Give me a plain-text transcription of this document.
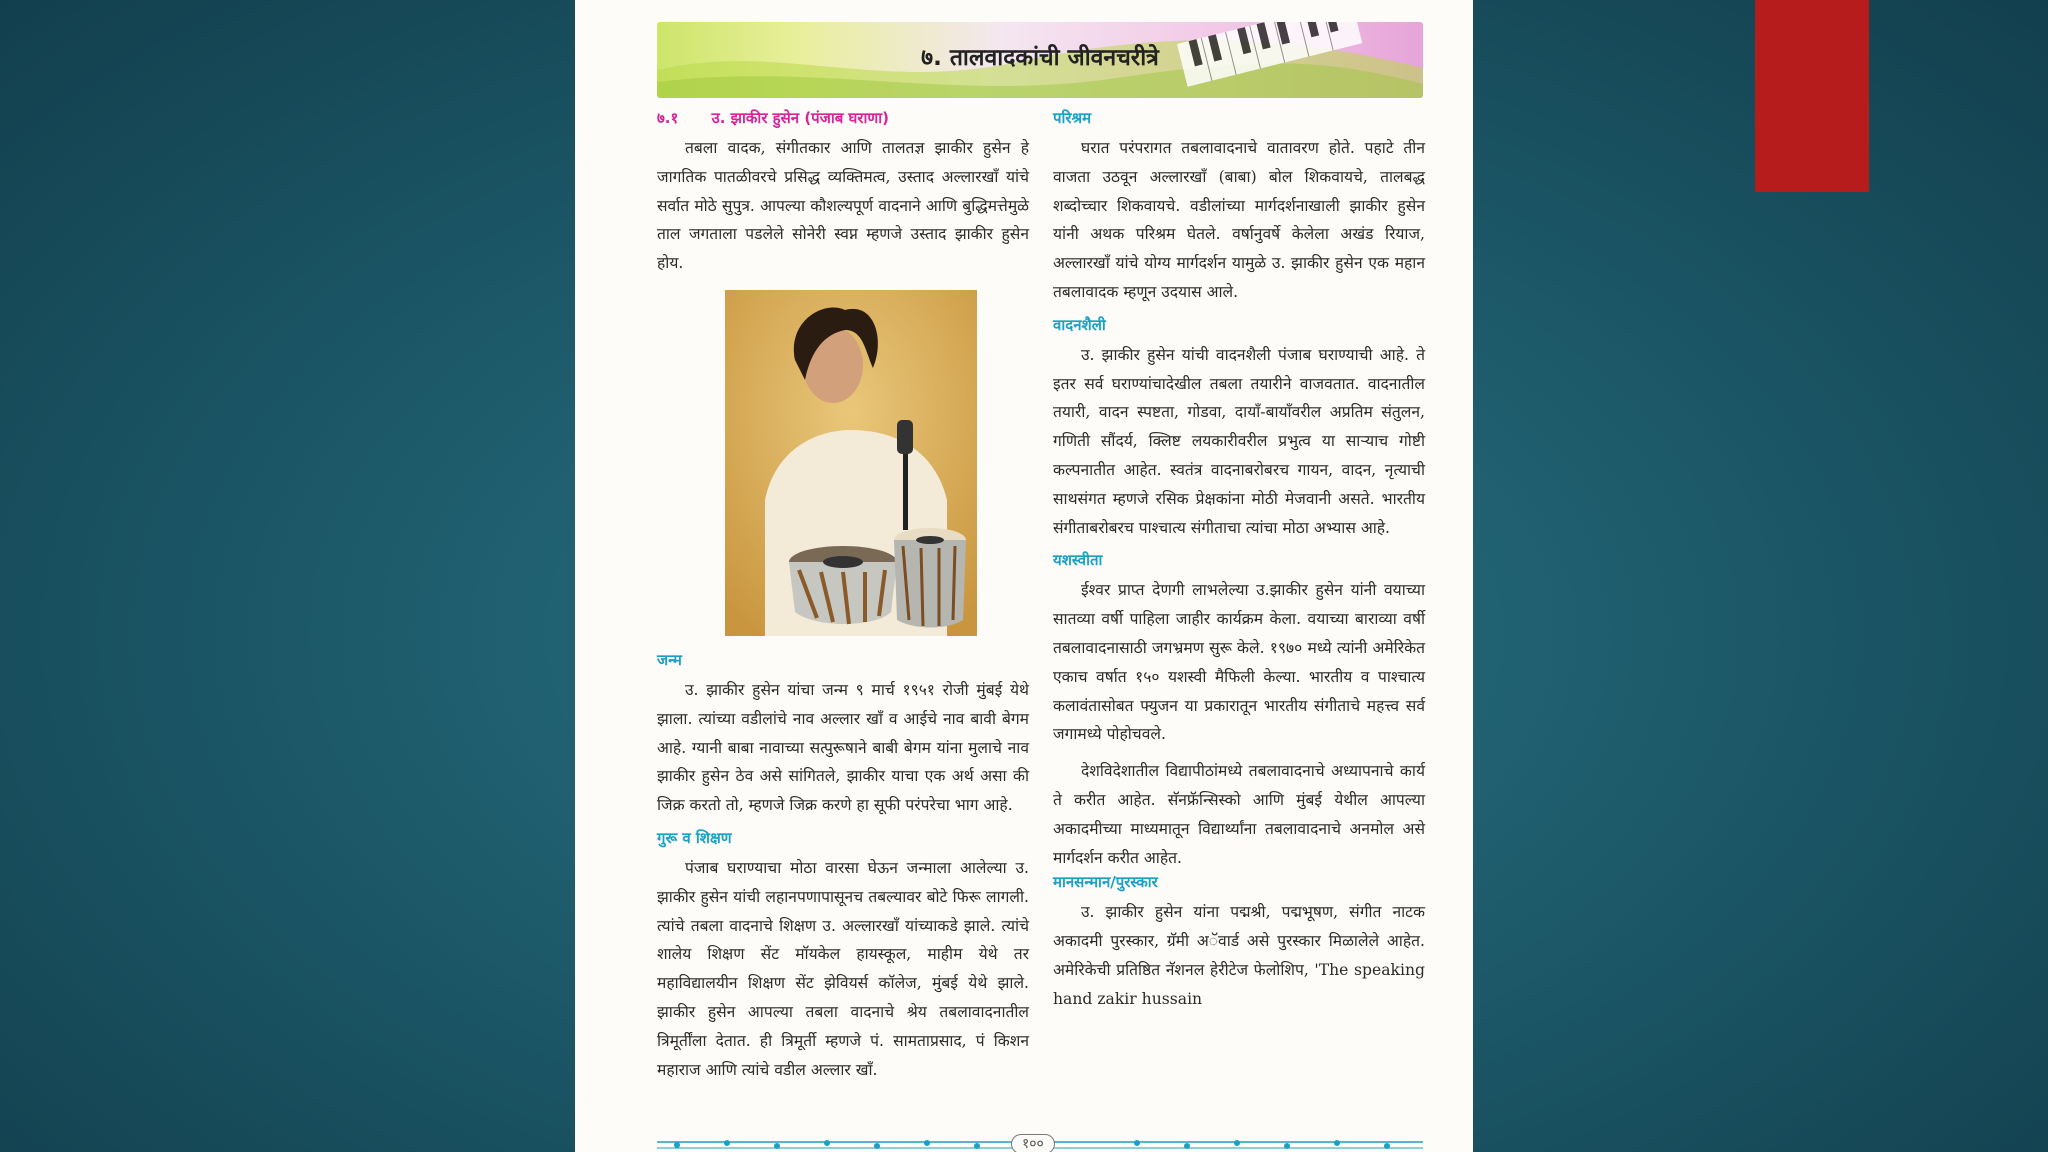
७. तालवादकांची जीवनचरीत्रे
७.१ उ. झाकीर हुसेन (पंजाब घराणा)

तबला वादक, संगीतकार आणि तालतज्ञ झाकीर हुसेन हे जागतिक पातळीवरचे प्रसिद्ध व्यक्तिमत्व, उस्ताद अल्लारखाँ यांचे सर्वात मोठे सुपुत्र. आपल्या कौशल्यपूर्ण वादनाने आणि बुद्धिमत्तेमुळे ताल जगताला पडलेले सोनेरी स्वप्न म्हणजे उस्ताद झाकीर हुसेन होय.

जन्म

उ. झाकीर हुसेन यांचा जन्म ९ मार्च १९५१ रोजी मुंबई येथे झाला. त्यांच्या वडीलांचे नाव अल्लार खाँ व आईचे नाव बावी बेगम आहे. ग्यानी बाबा नावाच्या सत्पुरूषाने बाबी बेगम यांना मुलाचे नाव झाकीर हुसेन ठेव असे सांगितले, झाकीर याचा एक अर्थ असा की जिक्र करतो तो, म्हणजे जिक्र करणे हा सूफी परंपरेचा भाग आहे.

गुरू व शिक्षण

पंजाब घराण्याचा मोठा वारसा घेऊन जन्माला आलेल्या उ. झाकीर हुसेन यांची लहानपणापासूनच तबल्यावर बोटे फिरू लागली. त्यांचे तबला वादनाचे शिक्षण उ. अल्लारखाँ यांच्याकडे झाले. त्यांचे शालेय शिक्षण सेंट मॉयकेल हायस्कूल, माहीम येथे तर महाविद्यालयीन शिक्षण सेंट झेवियर्स कॉलेज, मुंबई येथे झाले. झाकीर हुसेन आपल्या तबला वादनाचे श्रेय तबलावादनातील त्रिमूर्तींला देतात. ही त्रिमूर्ती म्हणजे पं. सामताप्रसाद, पं किशन महाराज आणि त्यांचे वडील अल्लार खाँ.

परिश्रम

घरात परंपरागत तबलावादनाचे वातावरण होते. पहाटे तीन वाजता उठवून अल्लारखाँ (बाबा) बोल शिकवायचे, तालबद्ध शब्दोच्चार शिकवायचे. वडीलांच्या मार्गदर्शनाखाली झाकीर हुसेन यांनी अथक परिश्रम घेतले. वर्षानुवर्षे केलेला अखंड रियाज, अल्लारखाँ यांचे योग्य मार्गदर्शन यामुळे उ. झाकीर हुसेन एक महान तबलावादक म्हणून उदयास आले.

वादनशैली

उ. झाकीर हुसेन यांची वादनशैली पंजाब घराण्याची आहे. ते इतर सर्व घराण्यांचादेखील तबला तयारीने वाजवतात. वादनातील तयारी, वादन स्पष्टता, गोडवा, दायाँ-बायाँवरील अप्रतिम संतुलन, गणिती सौंदर्य, क्लिष्ट लयकारीवरील प्रभुत्व या साऱ्याच गोष्टी कल्पनातीत आहेत. स्वतंत्र वादनाबरोबरच गायन, वादन, नृत्याची साथसंगत म्हणजे रसिक प्रेक्षकांना मोठी मेजवानी असते. भारतीय संगीताबरोबरच पाश्चात्य संगीताचा त्यांचा मोठा अभ्यास आहे.

यशस्वीता

ईश्वर प्राप्त देणगी लाभलेल्या उ.झाकीर हुसेन यांनी वयाच्या सातव्या वर्षी पाहिला जाहीर कार्यक्रम केला. वयाच्या बाराव्या वर्षी तबलावादनासाठी जगभ्रमण सुरू केले. १९७० मध्ये त्यांनी अमेरिकेत एकाच वर्षात १५० यशस्वी मैफिली केल्या. भारतीय व पाश्चात्य कलावंतासोबत फ्युजन या प्रकारातून भारतीय संगीताचे महत्त्व सर्व जगामध्ये पोहोचवले.

देशविदेशातील विद्यापीठांमध्ये तबलावादनाचे अध्यापनाचे कार्य ते करीत आहेत. सॅनफ्रॅन्सिस्को आणि मुंबई येथील आपल्या अकादमीच्या माध्यमातून विद्यार्थ्यांना तबलावादनाचे अनमोल असे मार्गदर्शन करीत आहेत.

मानसन्मान/पुरस्कार

उ. झाकीर हुसेन यांना पद्मश्री, पद्मभूषण, संगीत नाटक अकादमी पुरस्कार, ग्रॅमी अॅवार्ड असे पुरस्कार मिळालेले आहेत. अमेरिकेची प्रतिष्ठित नॅशनल हेरीटेज फेलोशिप, 'The speaking hand zakir hussain

१००
